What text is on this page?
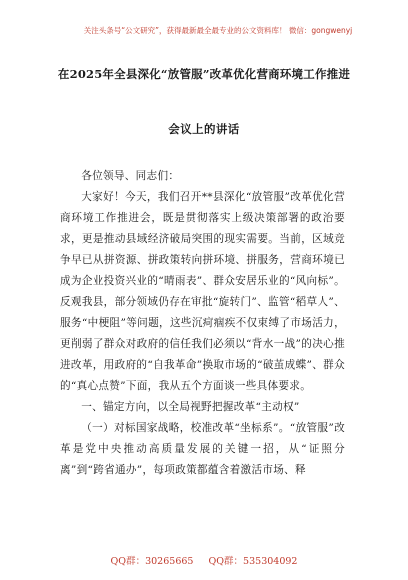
关注头条号“公文研究”，获得最新最全最专业的公文资料库！ 微信：gongwenyj
在2025年全县深化“放管服”改革优化营商环境工作推进
会议上的讲话

各位领导、同志们：

大家好！今天，我们召开**县深化“放管服”改革优化营商环境工作推进会，既是贯彻落实上级决策部署的政治要求，更是推动县域经济破局突围的现实需要。当前，区域竞争早已从拼资源、拼政策转向拼环境、拼服务，营商环境已成为企业投资兴业的“晴雨表”、群众安居乐业的“风向标”。反观我县，部分领域仍存在审批“旋转门”、监管“稻草人”、服务“中梗阻”等问题，这些沉疴痼疾不仅束缚了市场活力，更削弱了群众对政府的信任我们必须以“背水一战”的决心推进改革，用政府的“自我革命”换取市场的“破茧成蝶”、群众的“真心点赞”下面，我从五个方面谈一些具体要求。

一、锚定方向，以全局视野把握改革“主动权”

（一）对标国家战略，校准改革“坐标系”。“放管服”改革是党中央推动高质量发展的关键一招，从“证照分离”到“跨省通办”，每项政策都蕴含着激活市场、释

QQ群：30265665 QQ群：535304092
